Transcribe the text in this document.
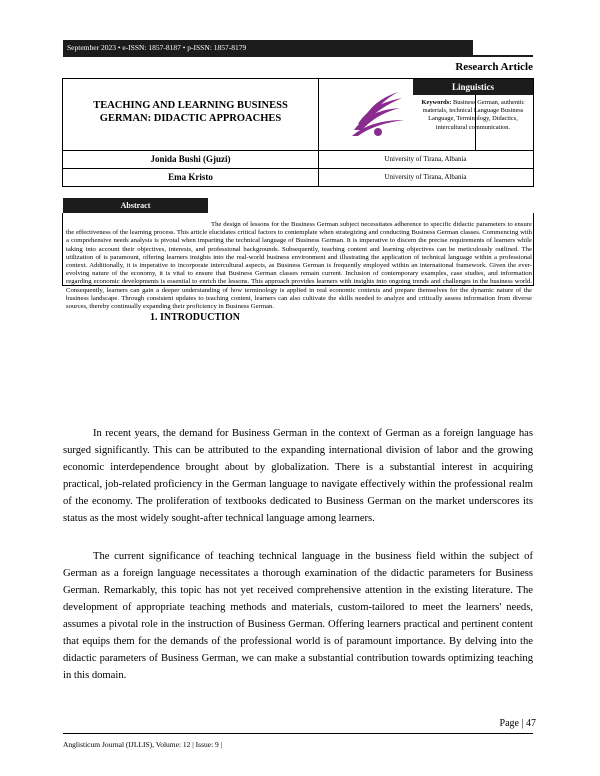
September 2023 • e-ISSN: 1857-8187 • p-ISSN: 1857-8179
Research Article
TEACHING AND LEARNING BUSINESS
GERMAN: DIDACTIC APPROACHES
Linguistics
Keywords: Business German, authentic materials, technical Language Business Language, Terminology, Didactics, intercultural communication.
Jonida Bushi (Gjuzi)	University of Tirana, Albania
Ema Kristo	University of Tirana, Albania
Abstract
The design of lessons for the Business German subject necessitates adherence to specific didactic parameters to ensure the effectiveness of the learning process. This article elucidates critical factors to contemplate when strategizing and conducting Business German classes. Commencing with a comprehensive needs analysis is pivotal when imparting the technical language of Business German. It is imperative to discern the precise requirements of learners while taking into account their objectives, interests, and professional backgrounds. Subsequently, teaching content and learning objectives can be meticulously outlined. The utilization of is paramount, offering learners insights into the real-world business environment and illustrating the application of technical language within a professional context. Additionally, it is imperative to incorporate intercultural aspects, as Business German is frequently employed within an international framework. Given the ever-evolving nature of the economy, it is vital to ensure that Business German classes remain current. Inclusion of contemporary examples, case studies, and information regarding economic developments is essential to enrich the lessons. This approach provides learners with insights into ongoing trends and challenges in the business world. Consequently, learners can gain a deeper understanding of how terminology is applied in real economic contexts and prepare themselves for the dynamic nature of the business landscape. Through consistent updates to teaching content, learners can also cultivate the skills needed to analyze and critically assess information from diverse sources, thereby continually expanding their proficiency in Business German.
1. INTRODUCTION

In recent years, the demand for Business German in the context of German as a foreign language has surged significantly. This can be attributed to the expanding international division of labor and the growing economic interdependence brought about by globalization. There is a substantial interest in acquiring practical, job-related proficiency in the German language to navigate effectively within the professional realm of the economy. The proliferation of textbooks dedicated to Business German on the market underscores its status as the most widely sought-after technical language among learners.

The current significance of teaching technical language in the business field within the subject of German as a foreign language necessitates a thorough examination of the didactic parameters for Business German. Remarkably, this topic has not yet received comprehensive attention in the existing literature. The development of appropriate teaching methods and materials, custom-tailored to meet the learners' needs, assumes a pivotal role in the instruction of Business German. Offering learners practical and pertinent content that equips them for the demands of the professional world is of paramount importance. By delving into the didactic parameters of Business German, we can make a substantial contribution towards optimizing teaching in this domain.

Page | 47
Anglisticum Journal (IJLLIS), Volume: 12 | Issue: 9 |
